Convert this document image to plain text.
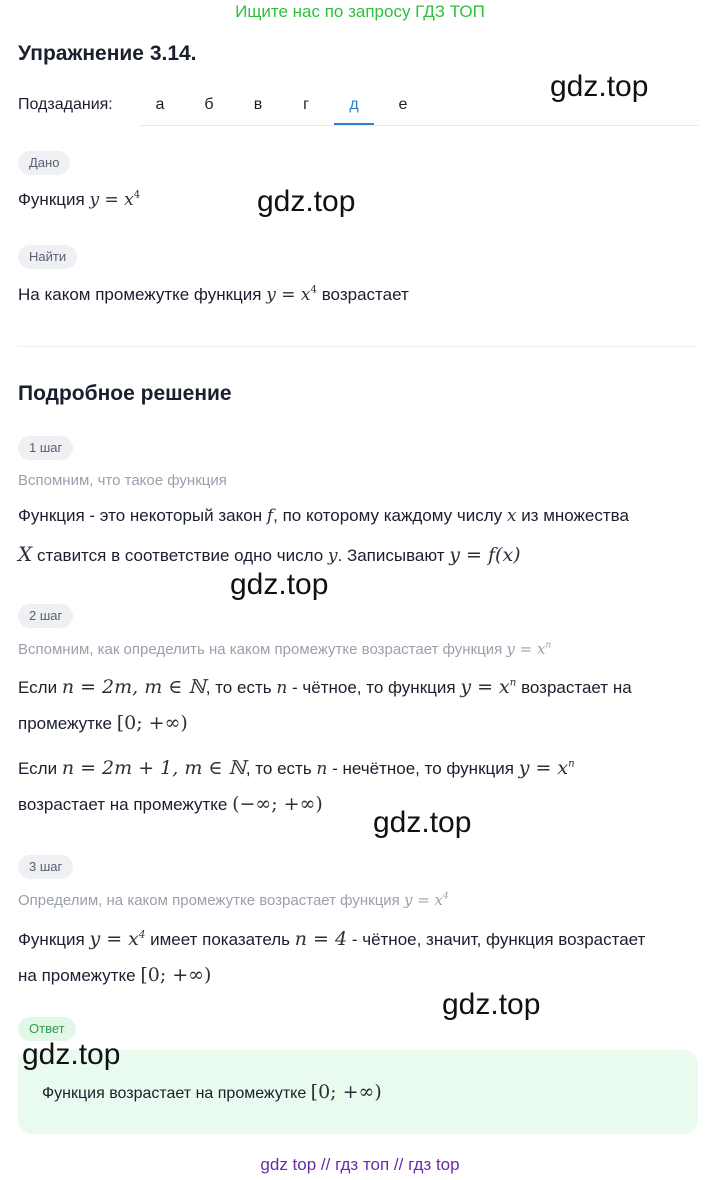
Ищите нас по запросу ГДЗ ТОП
Упражнение 3.14.
Подзадания:	а	б	в	г	д	е
Дано
Функция $y = x^4$
Найти
На каком промежутке функция $y = x^4$ возрастает
Подробное решение
1 шаг
Вспомним, что такое функция
Функция - это некоторый закон f, по которому каждому числу x из множества
X ставится в соответствие одно число y. Записывают y = f(x)
2 шаг
Вспомним, как определить на каком промежутке возрастает функция $y = x^n$
Если n = 2m, m ∈ ℕ, то есть n - чётное, то функция $y = x^n$ возрастает на
промежутке [0; +∞)
Если n = 2m + 1, m ∈ ℕ, то есть n - нечётное, то функция $y = x^n$
возрастает на промежутке (−∞; +∞)
3 шаг
Определим, на каком промежутке возрастает функция $y = x^4$
Функция $y = x^4$ имеет показатель n = 4 - чётное, значит, функция возрастает
на промежутке [0; +∞)
Ответ
Функция возрастает на промежутке [0; +∞)
gdz.top
gdz.top
gdz.top
gdz.top
gdz.top
gdz.top
gdz top // гдз топ // гдз top
